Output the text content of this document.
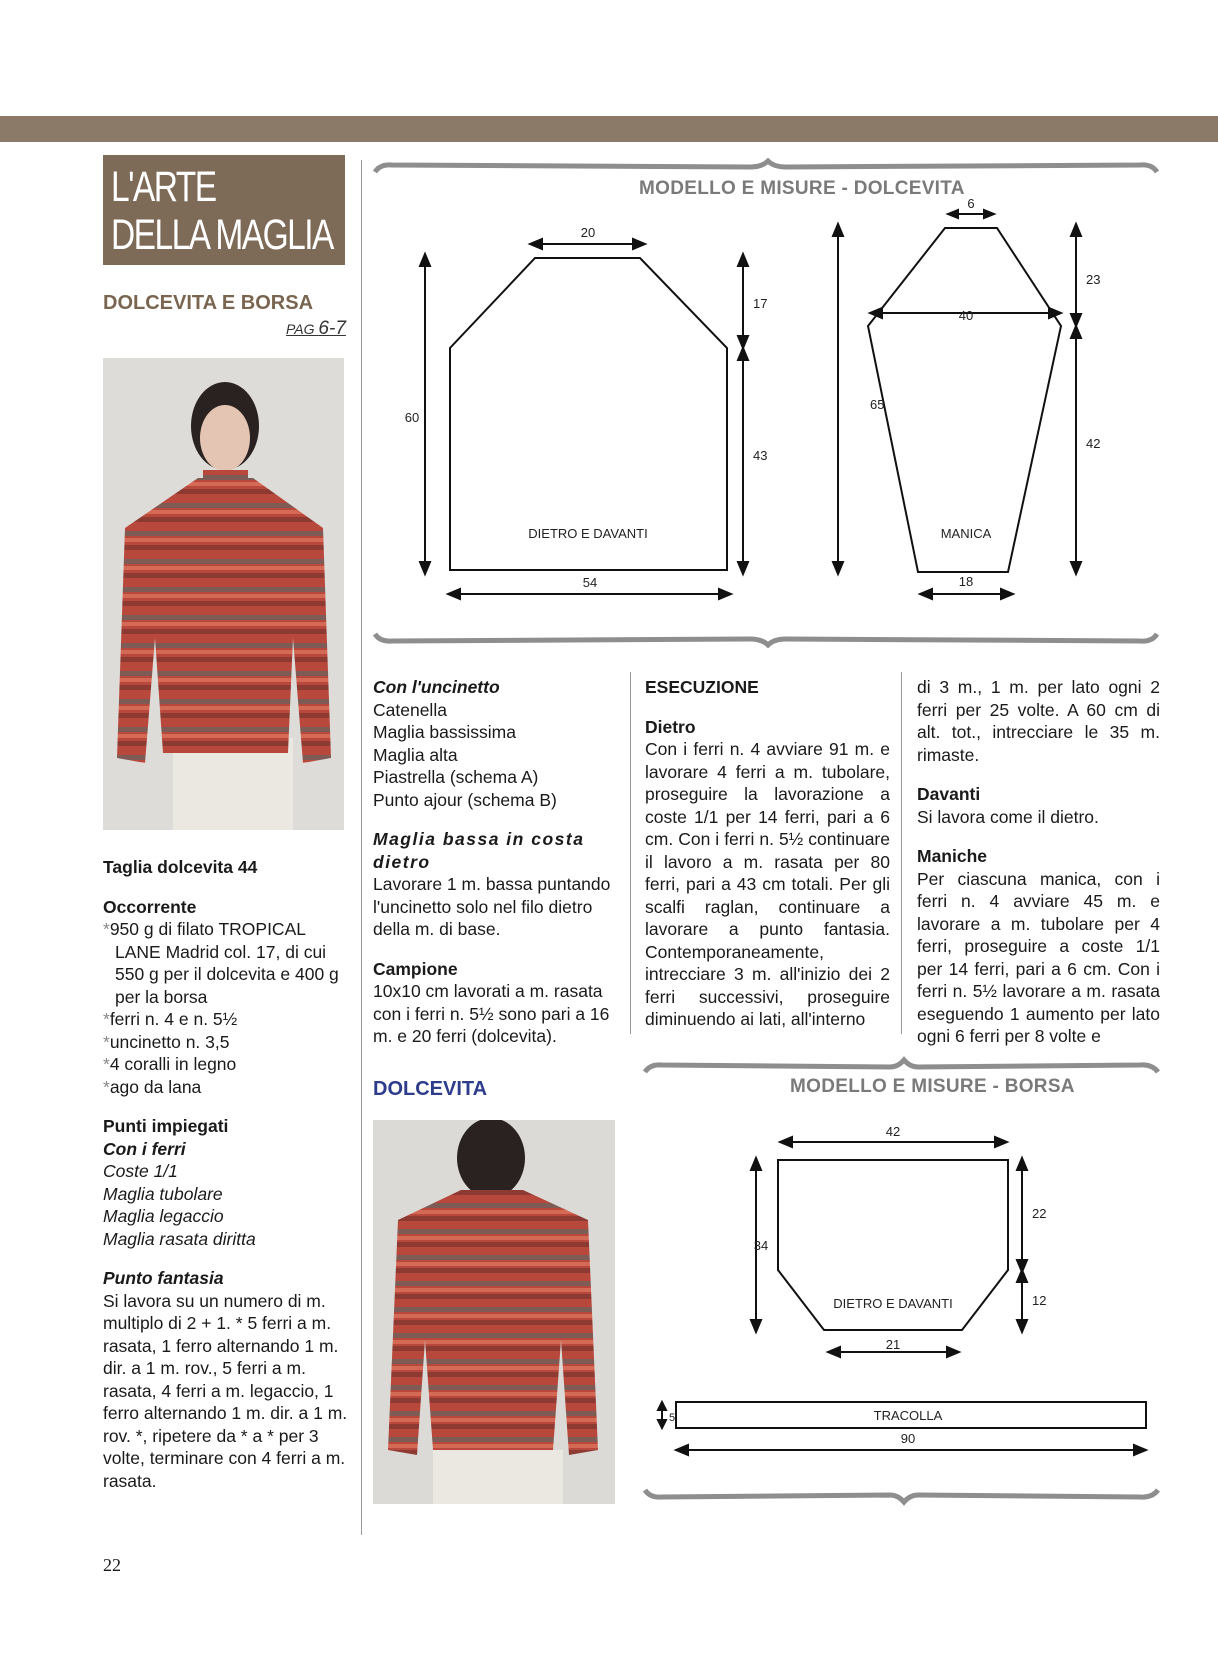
L'ARTE
DELLA MAGLIA
DOLCEVITA E BORSA
PAG 6-7

Taglia dolcevita 44

Occorrente

*950 g di filato TROPICAL LANE Madrid col. 17, di cui 550 g per il dolcevita e 400 g per la borsa

*ferri n. 4 e n. 5½

*uncinetto n. 3,5

*4 coralli in legno

*ago da lana

Punti impiegati

Con i ferri

Coste 1/1

Maglia tubolare

Maglia legaccio

Maglia rasata diritta

Punto fantasia

Si lavora su un numero di m. multiplo di 2 + 1. * 5 ferri a m. rasata, 1 ferro alternando 1 m. dir. a 1 m. rov., 5 ferri a m. rasata, 4 ferri a m. legaccio, 1 ferro alternando 1 m. dir. a 1 m. rov. *, ripetere da * a * per 3 volte, terminare con 4 ferri a m. rasata.

20
17
43
60
54
DIETRO E DAVANTI
6
40
23
42
65
18
MANICA
MODELLO E MISURE - DOLCEVITA

Con l'uncinetto

Catenella

Maglia bassissima

Maglia alta

Piastrella (schema A)

Punto ajour (schema B)

Maglia bassa in costa dietro

Lavorare 1 m. bassa puntando l'uncinetto solo nel filo dietro della m. di base.

Campione

10x10 cm lavorati a m. rasata con i ferri n. 5½ sono pari a 16 m. e 20 ferri (dolcevita).

DOLCEVITA

ESECUZIONE

Dietro

Con i ferri n. 4 avviare 91 m. e lavorare 4 ferri a m. tubolare, proseguire la lavorazione a coste 1/1 per 14 ferri, pari a 6 cm. Con i ferri n. 5½ continuare il lavoro a m. rasata per 80 ferri, pari a 43 cm totali. Per gli scalfi raglan, continuare a lavorare a punto fantasia. Contemporaneamente, intrecciare 3 m. all'inizio dei 2 ferri successivi, proseguire diminuendo ai lati, all'interno

di 3 m., 1 m. per lato ogni 2 ferri per 25 volte. A 60 cm di alt. tot., intrecciare le 35 m. rimaste.

Davanti

Si lavora come il dietro.

Maniche

Per ciascuna manica, con i ferri n. 4 avviare 45 m. e lavorare a m. tubolare per 4 ferri, proseguire a coste 1/1 per 14 ferri, pari a 6 cm. Con i ferri n. 5½ lavorare a m. rasata eseguendo 1 aumento per lato ogni 6 ferri per 8 volte e

42
22
12
34
21
DIETRO E DAVANTI
5	TRACOLLA
90
MODELLO E MISURE - BORSA
22
